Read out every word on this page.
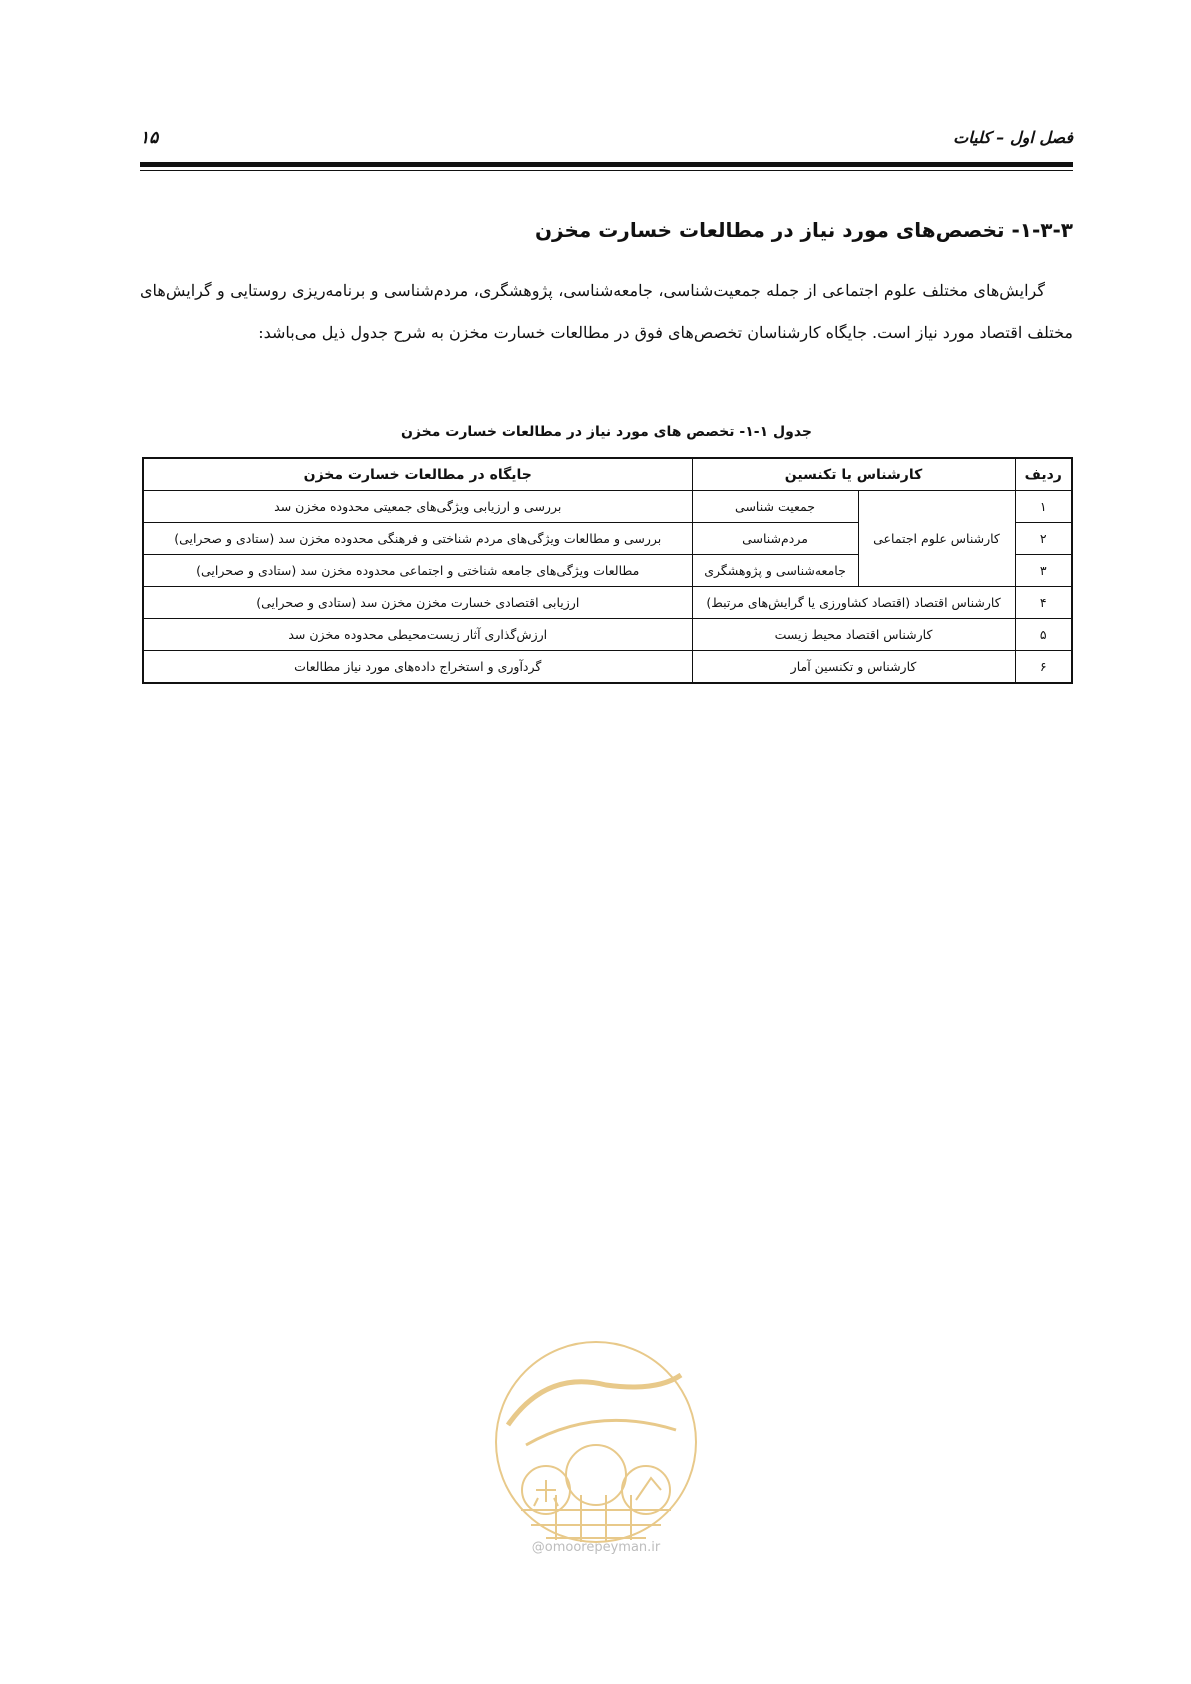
فصل اول – کلیات
۱۵
۱-۳-۳- تخصص‌های مورد نیاز در مطالعات خسارت مخزن

گرایش‌های مختلف علوم اجتماعی از جمله جمعیت‌شناسی، جامعه‌شناسی، پژوهشگری، مردم‌شناسی و برنامه‌ریزی روستایی و گرایش‌های مختلف اقتصاد مورد نیاز است. جایگاه کارشناسان تخصص‌های فوق در مطالعات خسارت مخزن به شرح جدول ذیل می‌باشد:

جدول ۱-۱- تخصص های مورد نیاز در مطالعات خسارت مخزن
ردیف	کارشناس یا تکنسین		جایگاه در مطالعات خسارت مخزن
۱	کارشناس علوم اجتماعی	جمعیت شناسی	بررسی و ارزیابی ویژگی‌های جمعیتی محدوده مخزن سد
۲		مردم‌شناسی	بررسی و مطالعات ویژگی‌های مردم شناختی و فرهنگی محدوده مخزن سد (ستادی و صحرایی)
۳		جامعه‌شناسی و پژوهشگری	مطالعات ویژگی‌های جامعه شناختی و اجتماعی محدوده مخزن سد (ستادی و صحرایی)
۴	کارشناس اقتصاد (اقتصاد کشاورزی یا گرایش‌های مرتبط)		ارزیابی اقتصادی خسارت مخزن مخزن سد (ستادی و صحرایی)
۵	کارشناس اقتصاد محیط زیست		ارزش‌گذاری آثار زیست‌محیطی محدوده مخزن سد
۶	کارشناس و تکنسین آمار		گردآوری و استخراج داده‌های مورد نیاز مطالعات
@omoorepeyman.ir
